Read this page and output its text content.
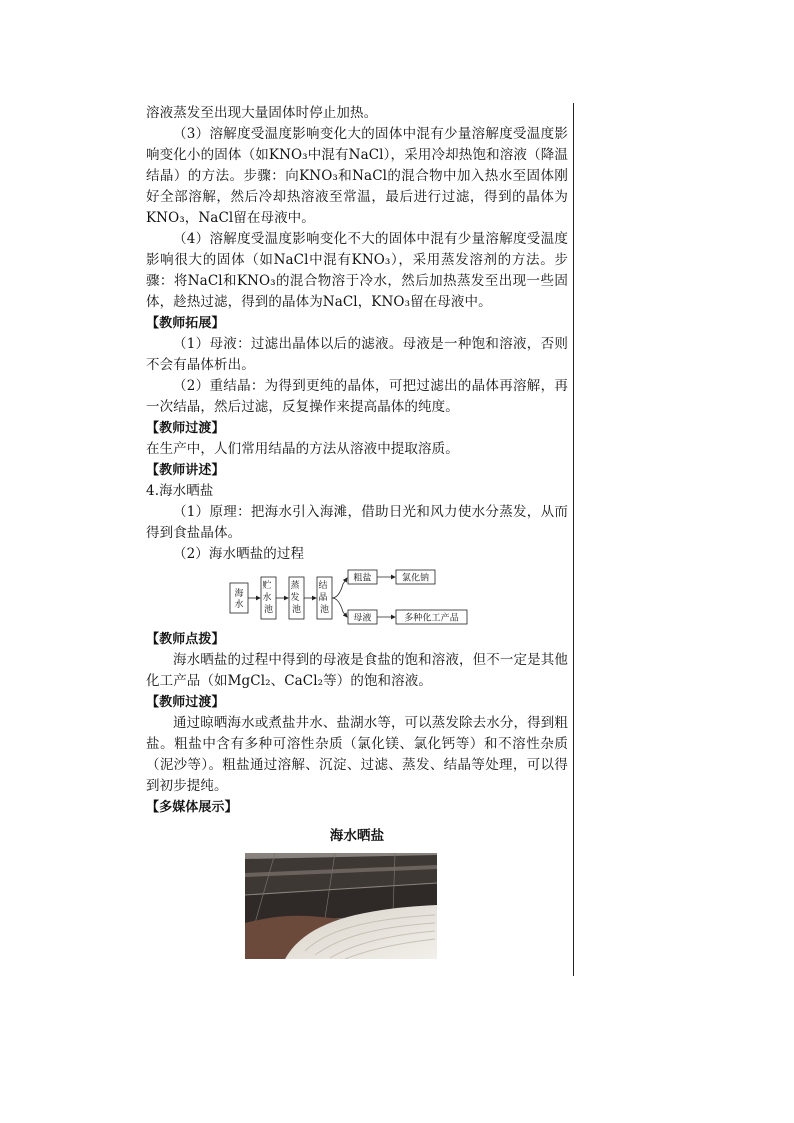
溶液蒸发至出现大量固体时停止加热。

（3）溶解度受温度影响变化大的固体中混有少量溶解度受温度影响变化小的固体（如KNO₃中混有NaCl），采用冷却热饱和溶液（降温结晶）的方法。步骤：向KNO₃和NaCl的混合物中加入热水至固体刚好全部溶解，然后冷却热溶液至常温，最后进行过滤，得到的晶体为KNO₃，NaCl留在母液中。

（4）溶解度受温度影响变化不大的固体中混有少量溶解度受温度影响很大的固体（如NaCl中混有KNO₃），采用蒸发溶剂的方法。步骤：将NaCl和KNO₃的混合物溶于冷水，然后加热蒸发至出现一些固体，趁热过滤，得到的晶体为NaCl，KNO₃留在母液中。

【教师拓展】

（1）母液：过滤出晶体以后的滤液。母液是一种饱和溶液，否则不会有晶体析出。

（2）重结晶：为得到更纯的晶体，可把过滤出的晶体再溶解，再一次结晶，然后过滤，反复操作来提高晶体的纯度。

【教师过渡】

在生产中，人们常用结晶的方法从溶液中提取溶质。

【教师讲述】

4.海水晒盐

（1）原理：把海水引入海滩，借助日光和风力使水分蒸发，从而得到食盐晶体。

（2）海水晒盐的过程

海水
贮 水 池
蒸 发 池
结 晶 池
粗盐	氯化钠
母液	多种化工产品

【教师点拨】

海水晒盐的过程中得到的母液是食盐的饱和溶液，但不一定是其他化工产品（如MgCl₂、CaCl₂等）的饱和溶液。

【教师过渡】

通过晾晒海水或煮盐井水、盐湖水等，可以蒸发除去水分，得到粗盐。粗盐中含有多种可溶性杂质（氯化镁、氯化钙等）和不溶性杂质（泥沙等）。粗盐通过溶解、沉淀、过滤、蒸发、结晶等处理，可以得到初步提纯。

【多媒体展示】

海水晒盐
